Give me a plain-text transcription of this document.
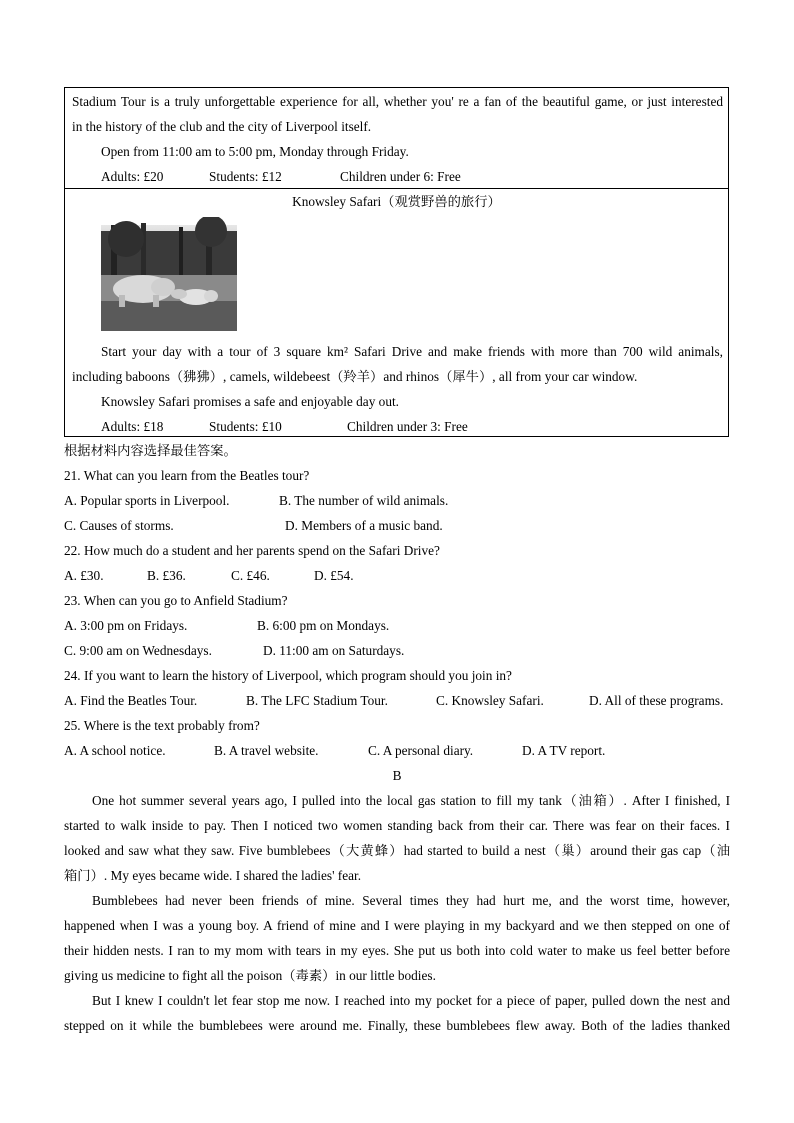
Stadium Tour is a truly unforgettable experience for all, whether you' re a fan of the beautiful game, or just interested
in the history of the club and the city of Liverpool itself.
Open from 11:00 am to 5:00 pm, Monday through Friday.
Adults: £20	Students: £12	Children under 6: Free
Knowsley Safari（观赏野兽的旅行）
Start your day with a tour of 3 square km² Safari Drive and make friends with more than 700 wild animals,
including baboons（狒狒）, camels, wildebeest（羚羊）and rhinos（犀牛）, all from your car window.
Knowsley Safari promises a safe and enjoyable day out.
Adults: £18	Students: £10	Children under 3: Free
根据材料内容选择最佳答案。
21. What can you learn from the Beatles tour?
A. Popular sports in Liverpool.	B. The number of wild animals.
C. Causes of storms.	D. Members of a music band.
22. How much do a student and her parents spend on the Safari Drive?
A. £30.	B. £36.	C. £46.	D. £54.
23. When can you go to Anfield Stadium?
A. 3:00 pm on Fridays.	B. 6:00 pm on Mondays.
C. 9:00 am on Wednesdays.	D. 11:00 am on Saturdays.
24. If you want to learn the history of Liverpool, which program should you join in?
A. Find the Beatles Tour.	B. The LFC Stadium Tour.	C. Knowsley Safari.	D. All of these programs.
25. Where is the text probably from?
A. A school notice.	B. A travel website.	C. A personal diary.	D. A TV report.
B
One hot summer several years ago, I pulled into the local gas station to fill my tank（油箱）. After I finished, I
started to walk inside to pay. Then I noticed two women standing back from their car. There was fear on their faces. I
looked and saw what they saw. Five bumblebees（大黄蜂）had started to build a nest（巢）around their gas cap（油
箱门）. My eyes became wide. I shared the ladies' fear.
Bumblebees had never been friends of mine. Several times they had hurt me, and the worst time, however,
happened when I was a young boy. A friend of mine and I were playing in my backyard and we then stepped on one of
their hidden nests. I ran to my mom with tears in my eyes. She put us both into cold water to make us feel better before
giving us medicine to fight all the poison（毒素）in our little bodies.
But I knew I couldn't let fear stop me now. I reached into my pocket for a piece of paper, pulled down the nest and
stepped on it while the bumblebees were around me. Finally, these bumblebees flew away. Both of the ladies thanked
